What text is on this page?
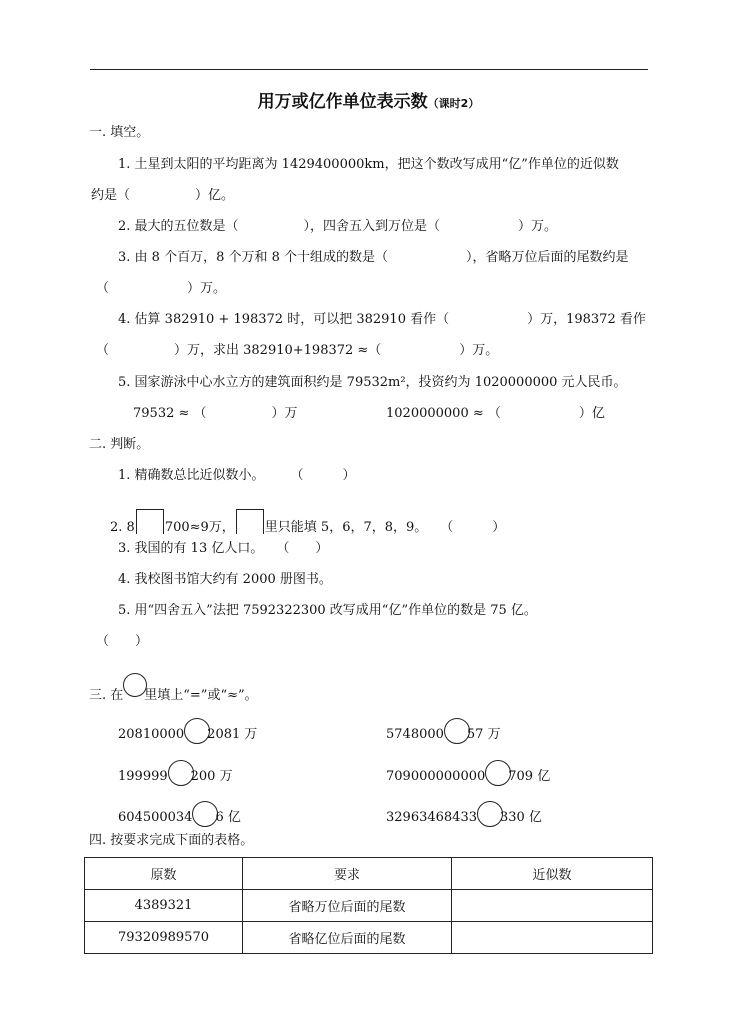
用万或亿作单位表示数（课时2）
一. 填空。
1. 土星到太阳的平均距离为 1429400000km，把这个数改写成用“亿”作单位的近似数
约是（　　　　　）亿。
2. 最大的五位数是（　　　　　），四舍五入到万位是（　　　　　　）万。
3. 由 8 个百万，8 个万和 8 个十组成的数是（　　　　　　），省略万位后面的尾数约是
（　　　　　　）万。
4. 估算 382910 + 198372 时，可以把 382910 看作（　　　　　　）万，198372 看作
（　　　　　）万，求出 382910+198372 ≈（　　　　　　）万。
5. 国家游泳中心水立方的建筑面积约是 79532m²，投资约为 1020000000 元人民币。
79532 ≈ （　　　　　）万	1020000000 ≈ （　　　　　　）亿
二. 判断。
1. 精确数总比近似数小。　　　（　　　）
2. 8 700≈9万， 里只能填 5，6，7，8，9。　　（　　　）
3. 我国的有 13 亿人口。　　（　　）
4. 我校图书馆大约有 2000 册图书。
5. 用“四舍五入”法把 7592322300 改写成用“亿”作单位的数是 75 亿。
（　　）
三. 在 里填上“=”或“≈”。
20810000 2081 万	5748000 57 万
199999 200 万	709000000000 709 亿
604500034 6 亿	32963468433 330 亿
四. 按要求完成下面的表格。
原数	要求	近似数
4389321	省略万位后面的尾数	
79320989570	省略亿位后面的尾数	
